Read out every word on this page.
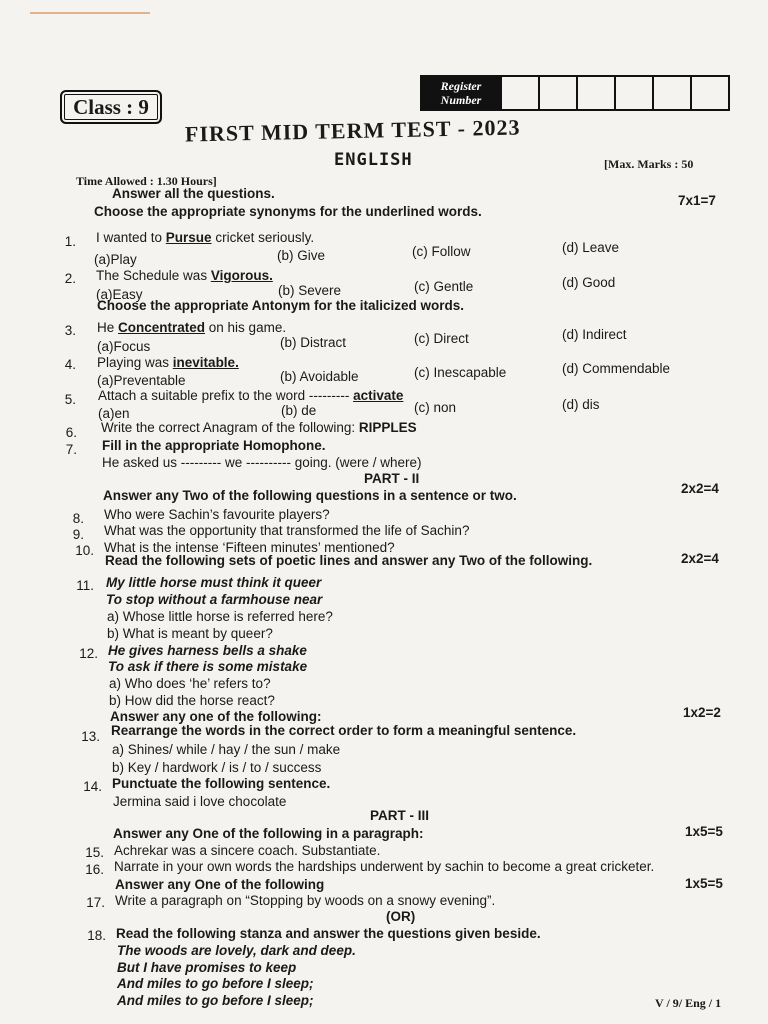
Class : 9
Register
Number
FIRST MID TERM TEST - 2023
ENGLISH
Time Allowed : 1.30 Hours]
[Max. Marks : 50
Answer all the questions.
Choose the appropriate synonyms for the underlined words.
7x1=7
1. I wanted to Pursue cricket seriously.
(a)Play	(b) Give	(c) Follow	(d) Leave
2. The Schedule was Vigorous.
(a)Easy	(b) Severe	(c) Gentle	(d) Good
Choose the appropriate Antonym for the italicized words.
3. He Concentrated on his game.
(a)Focus	(b) Distract	(c) Direct	(d) Indirect
4. Playing was inevitable.
(a)Preventable	(b) Avoidable	(c) Inescapable	(d) Commendable
5. Attach a suitable prefix to the word --------- activate
(a)en	(b) de	(c) non	(d) dis
6. Write the correct Anagram of the following: RIPPLES
7. Fill in the appropriate Homophone.
He asked us --------- we ---------- going. (were / where)
PART - II
Answer any Two of the following questions in a sentence or two.	2x2=4
8. Who were Sachin’s favourite players?
9. What was the opportunity that transformed the life of Sachin?
10. What is the intense ‘Fifteen minutes’ mentioned?
Read the following sets of poetic lines and answer any Two of the following.	2x2=4
11. My little horse must think it queer
To stop without a farmhouse near
a) Whose little horse is referred here?
b) What is meant by queer?
12. He gives harness bells a shake
To ask if there is some mistake
a) Who does ‘he’ refers to?
b) How did the horse react?
Answer any one of the following:	1x2=2
13. Rearrange the words in the correct order to form a meaningful sentence.
a) Shines/ while / hay / the sun / make
b) Key / hardwork / is / to / success
14. Punctuate the following sentence.
Jermina said i love chocolate
PART - III
Answer any One of the following in a paragraph:	1x5=5
15. Achrekar was a sincere coach. Substantiate.
16. Narrate in your own words the hardships underwent by sachin to become a great cricketer.
Answer any One of the following	1x5=5
17. Write a paragraph on “Stopping by woods on a snowy evening”.
(OR)
18. Read the following stanza and answer the questions given beside.
The woods are lovely, dark and deep.
But I have promises to keep
And miles to go before I sleep;
And miles to go before I sleep;	V / 9/ Eng / 1
